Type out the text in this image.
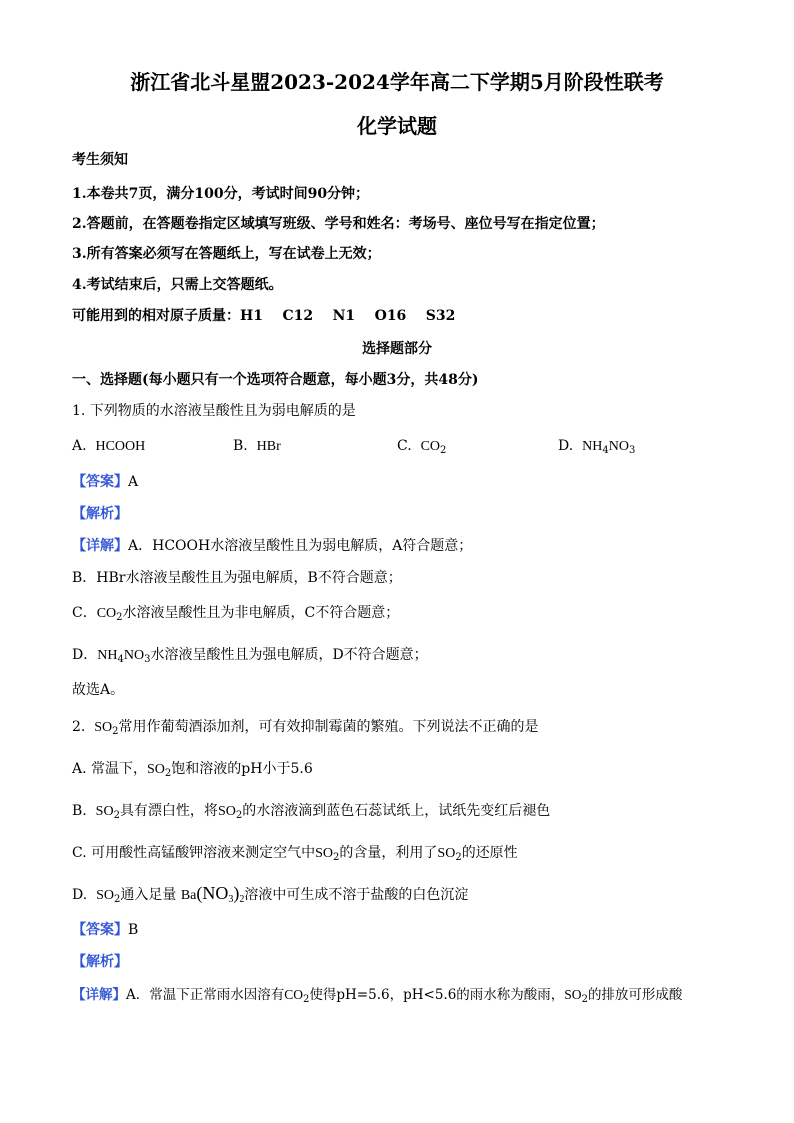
浙江省北斗星盟2023-2024学年高二下学期5月阶段性联考
化学试题
考生须知
1.本卷共7页，满分100分，考试时间90分钟；
2.答题前，在答题卷指定区域填写班级、学号和姓名：考场号、座位号写在指定位置；
3.所有答案必须写在答题纸上，写在试卷上无效；
4.考试结束后，只需上交答题纸。
可能用到的相对原子质量：H1    C12    N1    O16    S32
选择题部分
一、选择题(每小题只有一个选项符合题意，每小题3分，共48分)
1. 下列物质的水溶液呈酸性且为弱电解质的是
A. HCOOH	B. HBr	C. $CO_2$	D. $NH_4NO_3$
【答案】A
【解析】
【详解】A．HCOOH水溶液呈酸性且为弱电解质，A符合题意；
B．HBr水溶液呈酸性且为强电解质，B不符合题意；
C．$CO_2$水溶液呈酸性且为非电解质，C不符合题意；
D．$NH_4NO_3$水溶液呈酸性且为强电解质，D不符合题意；
故选A。
2. $SO_2$常用作葡萄酒添加剂，可有效抑制霉菌的繁殖。下列说法不正确的是
A. 常温下，$SO_2$饱和溶液的pH小于5.6
B. $SO_2$具有漂白性，将$SO_2$的水溶液滴到蓝色石蕊试纸上，试纸先变红后褪色
C. 可用酸性高锰酸钾溶液来测定空气中$SO_2$的含量，利用了$SO_2$的还原性
D. $SO_2$通入足量 $Ba(NO_3)_2$溶液中可生成不溶于盐酸的白色沉淀
【答案】B
【解析】
【详解】A．常温下正常雨水因溶有$CO_2$使得pH=5.6，pH<5.6的雨水称为酸雨，$SO_2$的排放可形成酸
